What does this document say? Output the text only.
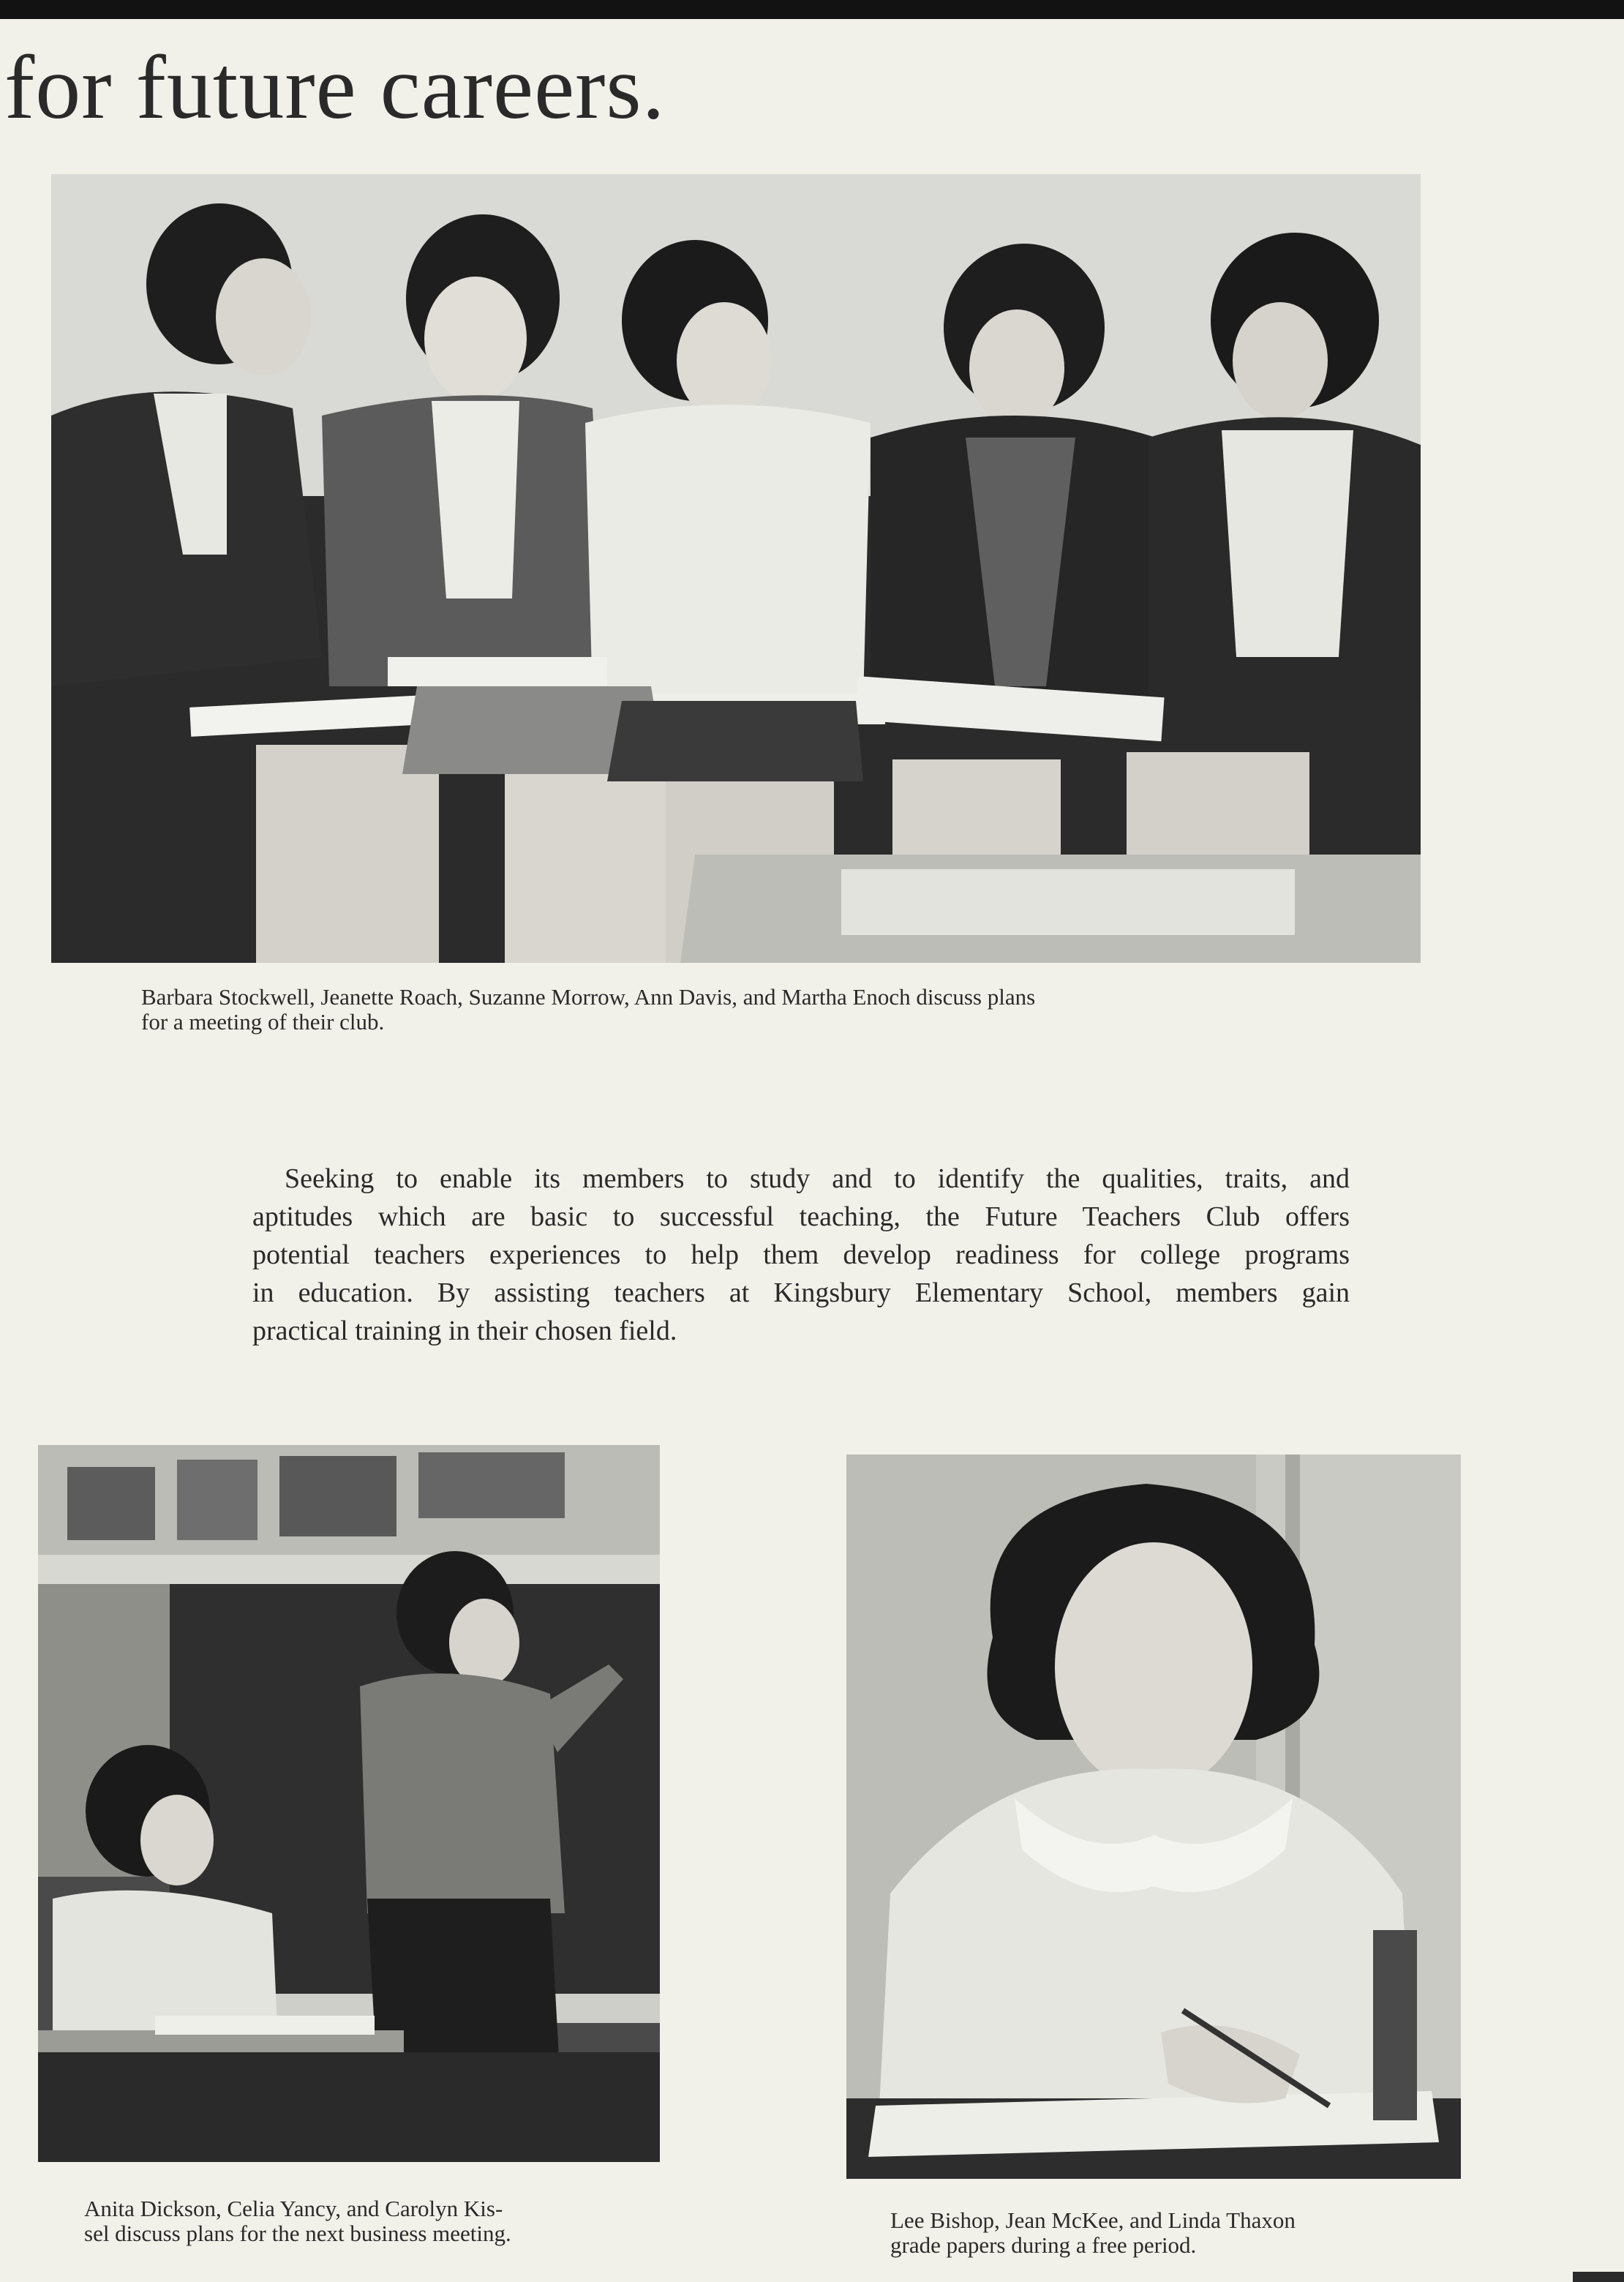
for future careers.
Barbara Stockwell, Jeanette Roach, Suzanne Morrow, Ann Davis, and Martha Enoch discuss plans
for a meeting of their club.
Seeking to enable its members to study and to identify the qualities, traits, and
aptitudes which are basic to successful teaching, the Future Teachers Club offers
potential teachers experiences to help them develop readiness for college programs
in education. By assisting teachers at Kingsbury Elementary School, members gain
practical training in their chosen field.
Anita Dickson, Celia Yancy, and Carolyn Kis-
sel discuss plans for the next business meeting.
Lee Bishop, Jean McKee, and Linda Thaxon
grade papers during a free period.
